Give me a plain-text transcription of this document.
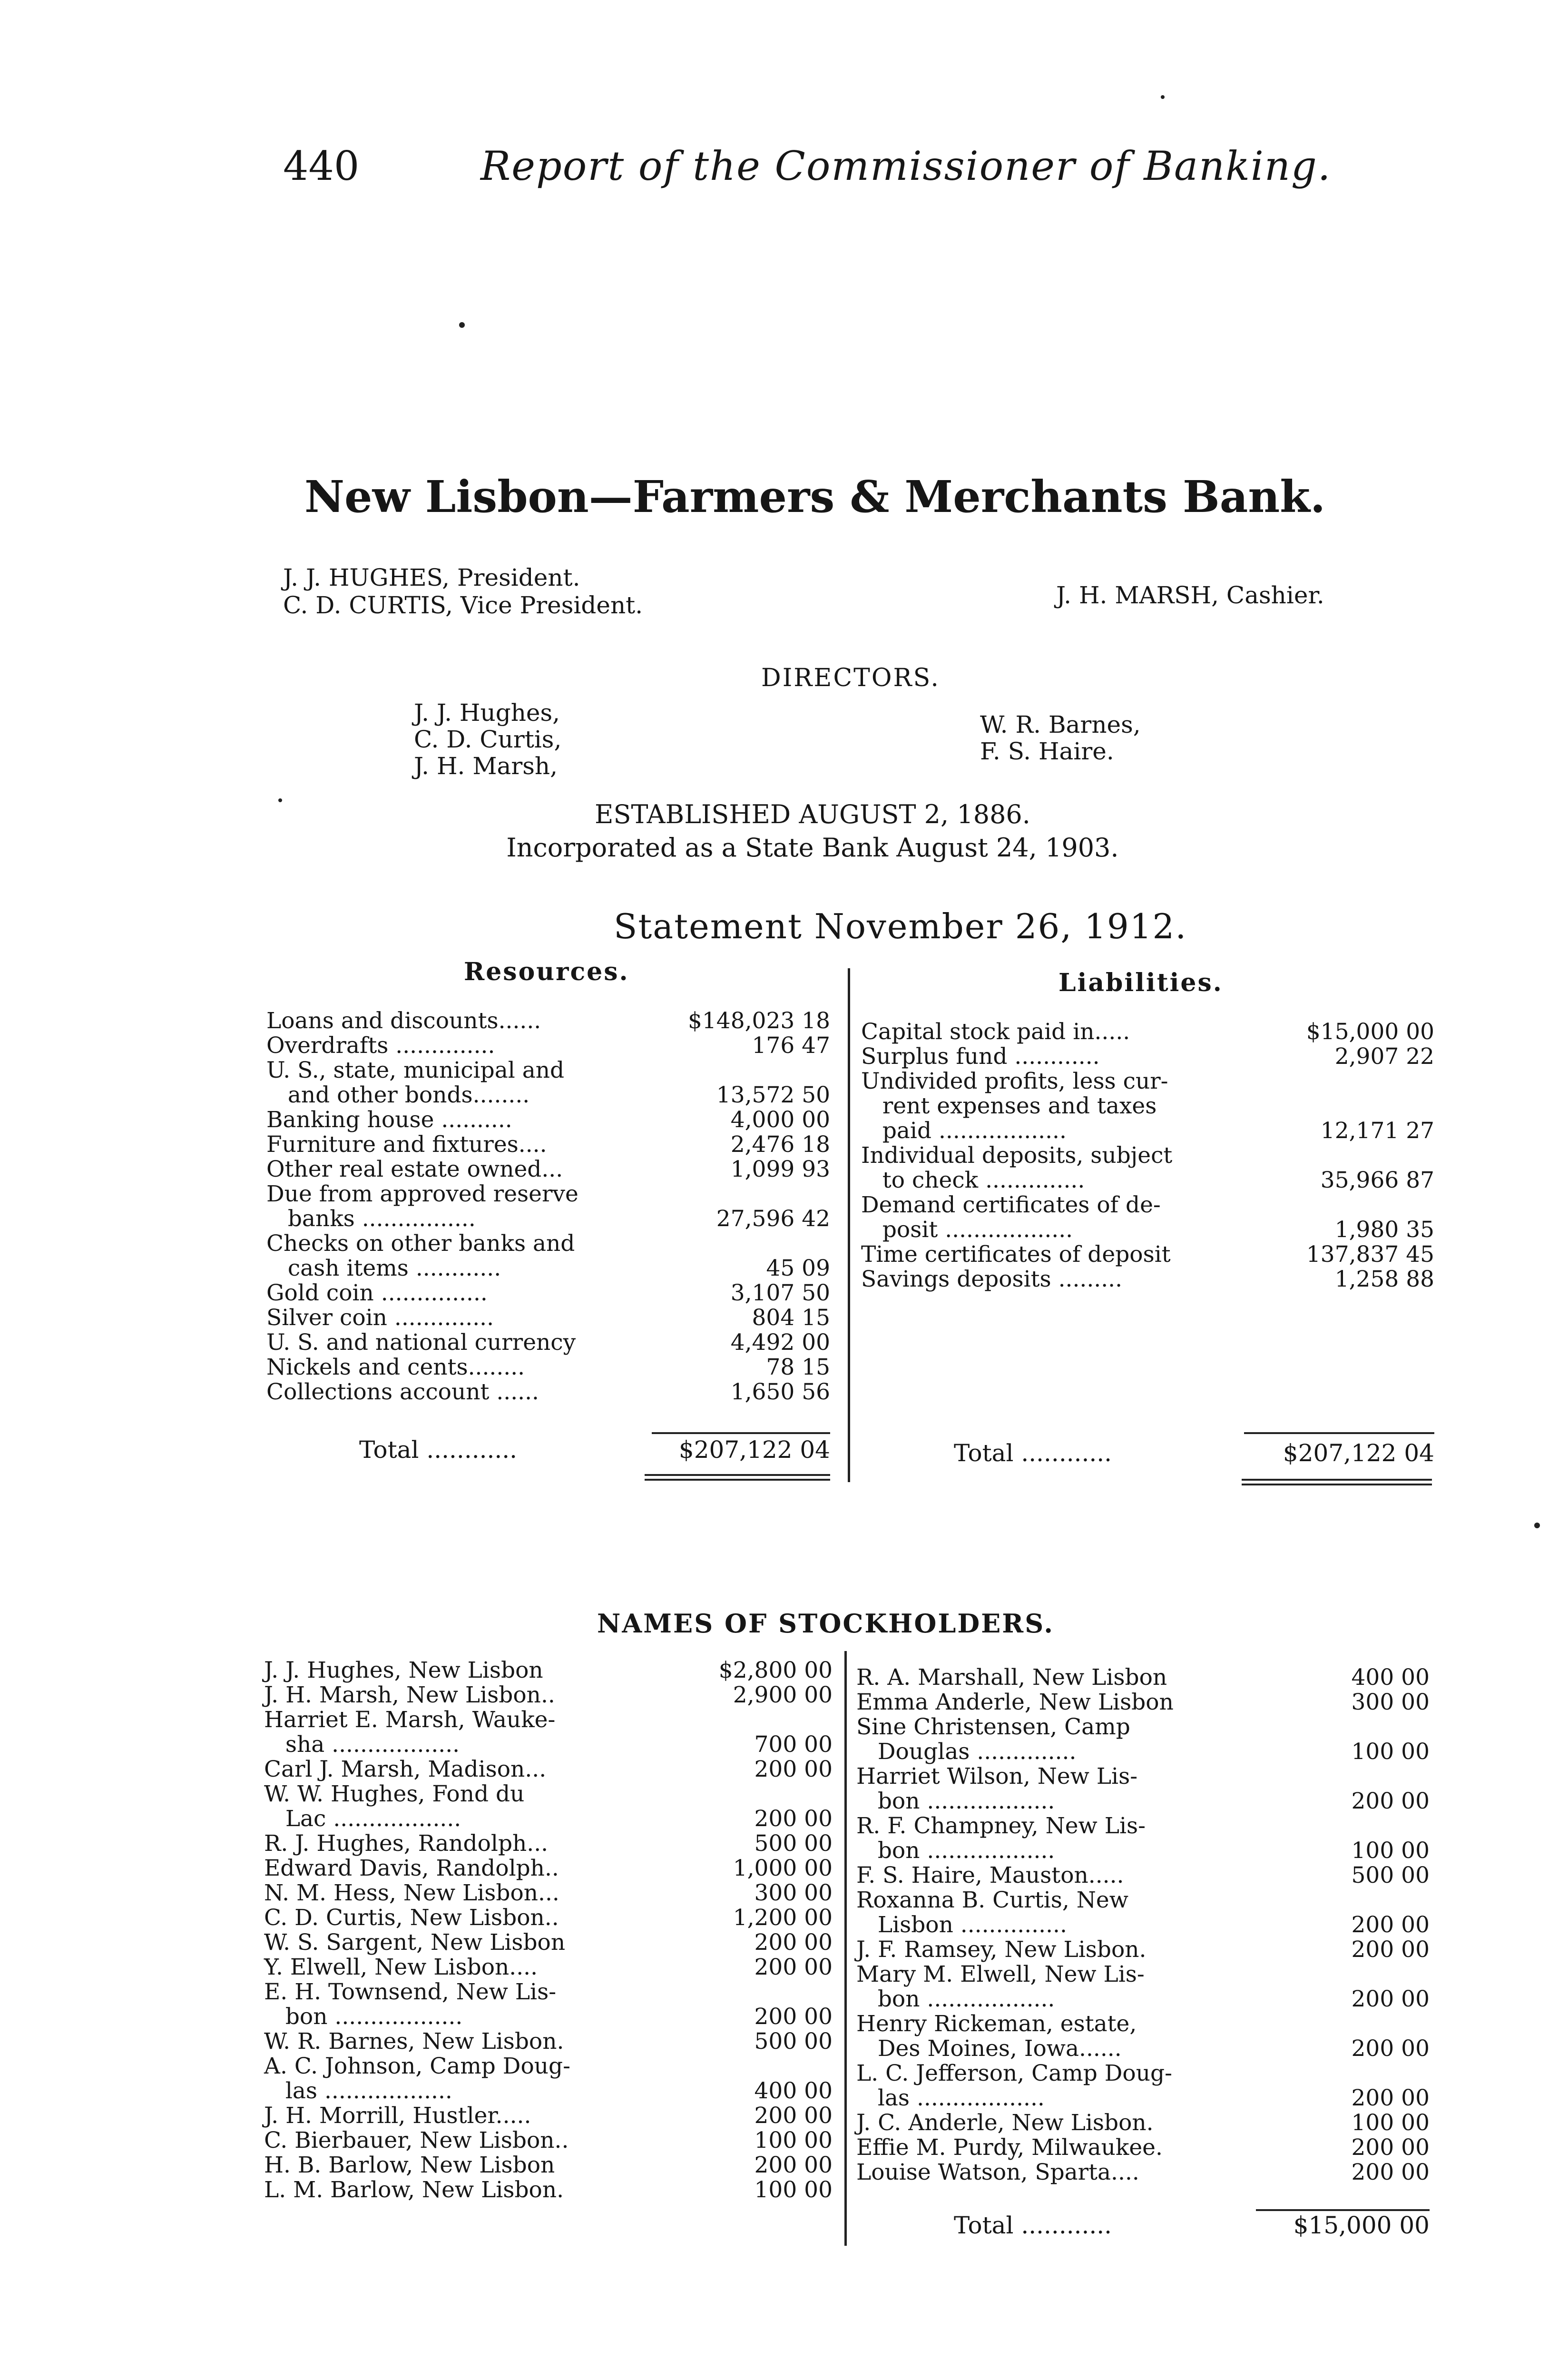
440	Report of the Commissioner of Banking.
New Lisbon—Farmers & Merchants Bank.
J. J. HUGHES, President.
C. D. CURTIS, Vice President.	J. H. MARSH, Cashier.
DIRECTORS.
J. J. Hughes,
C. D. Curtis,
J. H. Marsh,
W. R. Barnes,
F. S. Haire.
ESTABLISHED AUGUST 2, 1886.
Incorporated as a State Bank August 24, 1903.
Statement November 26, 1912.
Resources.	Liabilities.
Loans and discounts......	$148,023 18
Overdrafts ..............	176 47
U. S., state, municipal and
and other bonds........	13,572 50
Banking house ..........	4,000 00
Furniture and fixtures....	2,476 18
Other real estate owned...	1,099 93
Due from approved reserve
banks ................	27,596 42
Checks on other banks and
cash items ............	45 09
Gold coin ...............	3,107 50
Silver coin ..............	804 15
U. S. and national currency	4,492 00
Nickels and cents........	78 15
Collections account ......	1,650 56
Capital stock paid in.....	$15,000 00
Surplus fund ............	2,907 22
Undivided profits, less cur-
rent expenses and taxes
paid ..................	12,171 27
Individual deposits, subject
to check ..............	35,966 87
Demand certificates of de-
posit ..................	1,980 35
Time certificates of deposit	137,837 45
Savings deposits .........	1,258 88
Total ............	$207,122 04	Total ............	$207,122 04
NAMES OF STOCKHOLDERS.
J. J. Hughes, New Lisbon	$2,800 00
J. H. Marsh, New Lisbon..	2,900 00
Harriet E. Marsh, Wauke-
sha ..................	700 00
Carl J. Marsh, Madison...	200 00
W. W. Hughes, Fond du
Lac ..................	200 00
R. J. Hughes, Randolph...	500 00
Edward Davis, Randolph..	1,000 00
N. M. Hess, New Lisbon...	300 00
C. D. Curtis, New Lisbon..	1,200 00
W. S. Sargent, New Lisbon	200 00
Y. Elwell, New Lisbon....	200 00
E. H. Townsend, New Lis-
bon ..................	200 00
W. R. Barnes, New Lisbon.	500 00
A. C. Johnson, Camp Doug-
las ..................	400 00
J. H. Morrill, Hustler.....	200 00
C. Bierbauer, New Lisbon..	100 00
H. B. Barlow, New Lisbon	200 00
L. M. Barlow, New Lisbon.	100 00
R. A. Marshall, New Lisbon	400 00
Emma Anderle, New Lisbon	300 00
Sine Christensen, Camp
Douglas ..............	100 00
Harriet Wilson, New Lis-
bon ..................	200 00
R. F. Champney, New Lis-
bon ..................	100 00
F. S. Haire, Mauston.....	500 00
Roxanna B. Curtis, New
Lisbon ...............	200 00
J. F. Ramsey, New Lisbon.	200 00
Mary M. Elwell, New Lis-
bon ..................	200 00
Henry Rickeman, estate,
Des Moines, Iowa......	200 00
L. C. Jefferson, Camp Doug-
las ..................	200 00
J. C. Anderle, New Lisbon.	100 00
Effie M. Purdy, Milwaukee.	200 00
Louise Watson, Sparta....	200 00
Total ............	$15,000 00
